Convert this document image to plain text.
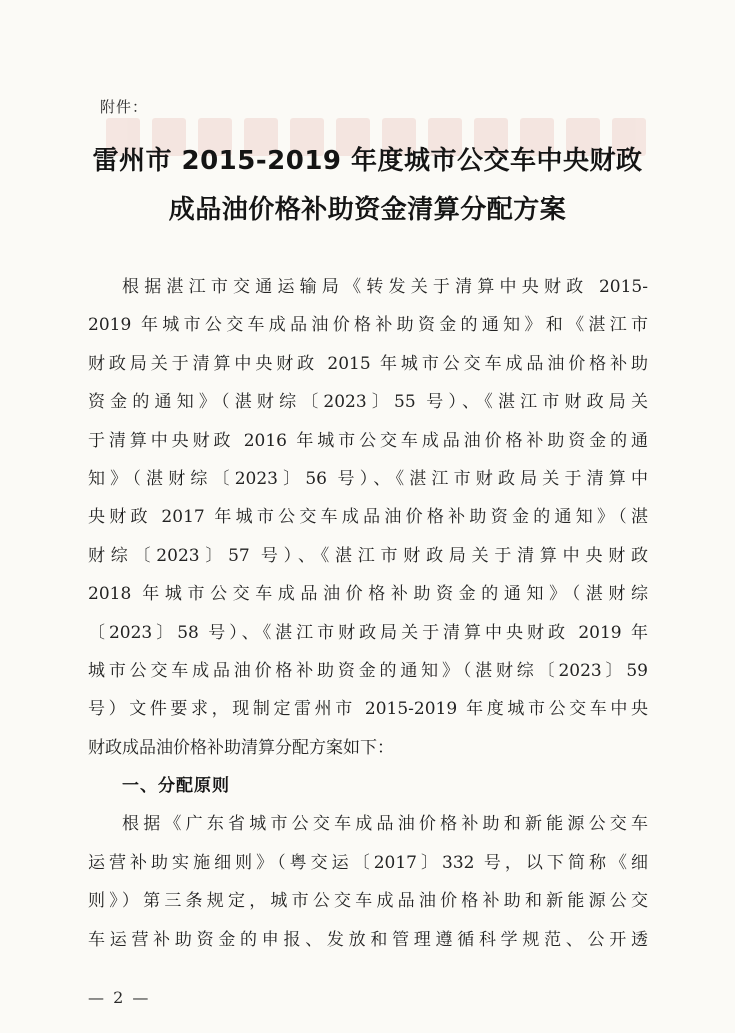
附件：
雷州市 2015-2019 年度城市公交车中央财政
成品油价格补助资金清算分配方案
根据湛江市交通运输局《转发关于清算中央财政 2015-
2019 年城市公交车成品油价格补助资金的通知》和《湛江市
财政局关于清算中央财政 2015 年城市公交车成品油价格补助
资金的通知》（湛财综〔2023〕55 号）、《湛江市财政局关
于清算中央财政 2016 年城市公交车成品油价格补助资金的通
知》（湛财综〔2023〕56 号）、《湛江市财政局关于清算中
央财政 2017 年城市公交车成品油价格补助资金的通知》（湛
财综〔2023〕57 号）、《湛江市财政局关于清算中央财政
2018 年城市公交车成品油价格补助资金的通知》（湛财综
〔2023〕58 号）、《湛江市财政局关于清算中央财政 2019 年
城市公交车成品油价格补助资金的通知》（湛财综〔2023〕59
号）文件要求，现制定雷州市 2015-2019 年度城市公交车中央
财政成品油价格补助清算分配方案如下：
一、分配原则
根据《广东省城市公交车成品油价格补助和新能源公交车
运营补助实施细则》（粤交运〔2017〕332 号，以下简称《细
则》）第三条规定，城市公交车成品油价格补助和新能源公交
车运营补助资金的申报、发放和管理遵循科学规范、公开透
— 2 —
